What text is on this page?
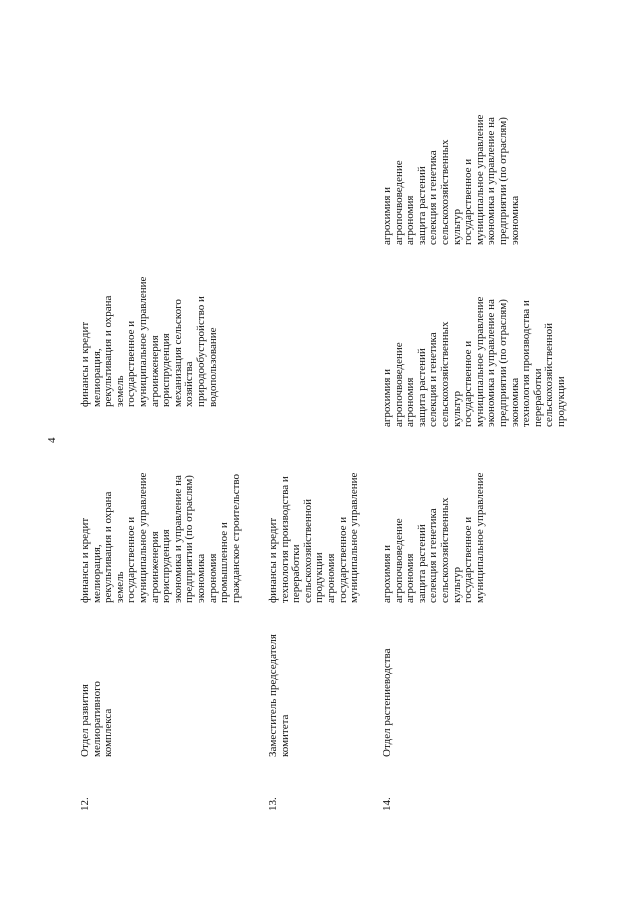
4
12.
Отдел развития мелиоративного комплекса
финансы и кредит мелиорация, рекультивация и охрана земель государственное и муниципальное управление агроинженерия юриспруденция экономика и управление на предприятии (по отраслям) экономика агрономия промышленное и гражданское строительство
финансы и кредит мелиорация, рекультивация и охрана земель государственное и муниципальное управление агроинженерия юриспруденция механизация сельского хозяйства природообустройство и водопользование
13.
Заместитель председателя комитета
финансы и кредит технология производства и переработки сельскохозяйственной продукции агрономия государственное и муниципальное управление
14.
Отдел растениеводства
агрохимия и агропочвоведение агрономия защита растений селекция и генетика сельскохозяйственных культур государственное и муниципальное управление
агрохимия и агропочвоведение агрономия защита растений селекция и генетика сельскохозяйственных культур государственное и муниципальное управление экономика и управление на предприятии (по отраслям) экономика технология производства и переработки сельскохозяйственной продукции
агрохимия и агропочвоведение агрономия защита растений селекция и генетика сельскохозяйственных культур государственное и муниципальное управление экономика и управление на предприятии (по отраслям) экономика
